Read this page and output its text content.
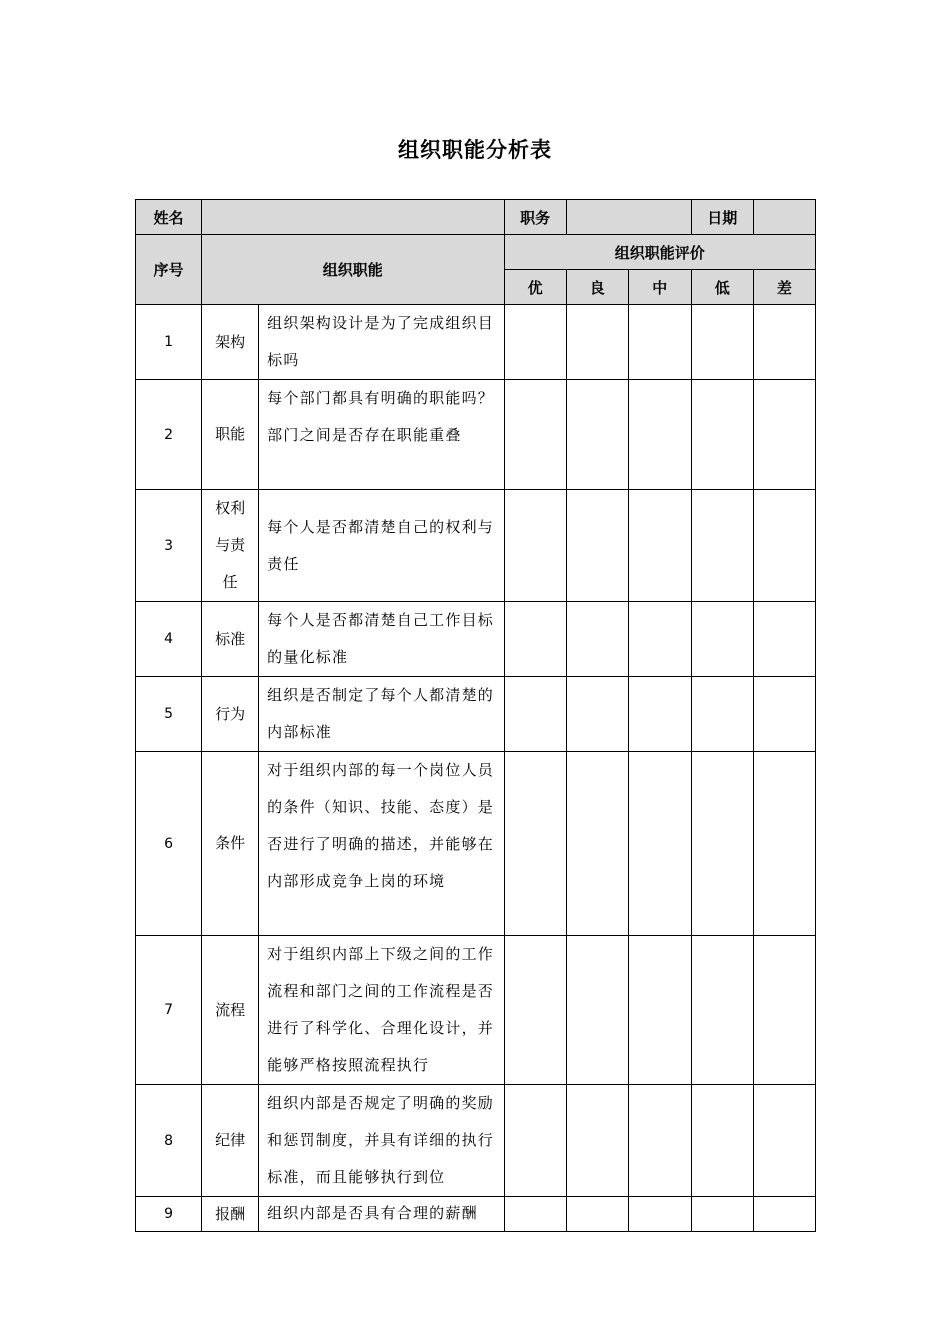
组织职能分析表
姓名			职务			日期	
序号	组织职能		组织职能评价				
			优	良	中	低	差
1	架构	组织架构设计是为了完成组织目标吗					
2	职能	每个部门都具有明确的职能吗？部门之间是否存在职能重叠					
3	权利与责任	每个人是否都清楚自己的权利与责任					
4	标准	每个人是否都清楚自己工作目标的量化标准					
5	行为	组织是否制定了每个人都清楚的内部标准					
6	条件	对于组织内部的每一个岗位人员的条件（知识、技能、态度）是否进行了明确的描述，并能够在内部形成竞争上岗的环境					
7	流程	对于组织内部上下级之间的工作流程和部门之间的工作流程是否进行了科学化、合理化设计，并能够严格按照流程执行					
8	纪律	组织内部是否规定了明确的奖励和惩罚制度，并具有详细的执行标准，而且能够执行到位					
9	报酬	组织内部是否具有合理的薪酬					
